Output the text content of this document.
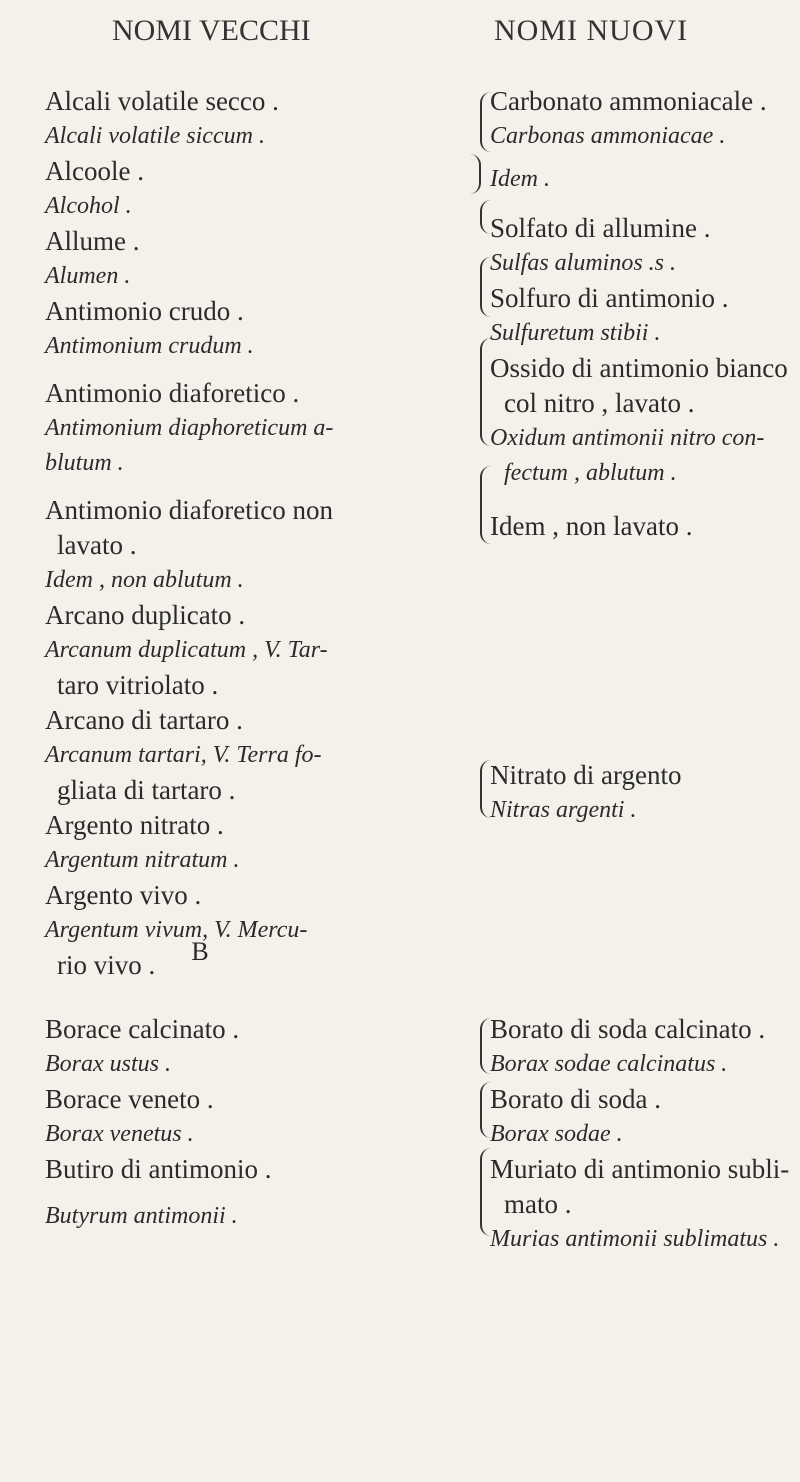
NOMI VECCHI	NOMI NUOVI
Alcali volatile secco .
Alcali volatile siccum .
Alcoole .
Alcohol .
Allume .
Alumen .
Antimonio crudo .
Antimonium crudum .
Antimonio diaforetico .
Antimonium diaphoreticum a-
blutum .
Antimonio diaforetico non
lavato .
Idem , non ablutum .
Arcano duplicato .
Arcanum duplicatum , V. Tar-
taro vitriolato .
Arcano di tartaro .
Arcanum tartari, V. Terra fo-
gliata di tartaro .
Argento nitrato .
Argentum nitratum .
Argento vivo .
Argentum vivum, V. Mercu-
rio vivo .
Carbonato ammoniacale .
Carbonas ammoniacae .
Idem .
Solfato di allumine .
Sulfas aluminos .s .
Solfuro di antimonio .
Sulfuretum stibii .
Ossido di antimonio bianco
col nitro , lavato .
Oxidum antimonii nitro con-
fectum , ablutum .
Idem , non lavato .
Nitrato di argento
Nitras argenti .
B
Borace calcinato .
Borax ustus .
Borace veneto .
Borax venetus .
Butiro di antimonio .
Butyrum antimonii .
Borato di soda calcinato .
Borax sodae calcinatus .
Borato di soda .
Borax sodae .
Muriato di antimonio subli-
mato .
Murias antimonii sublimatus .
